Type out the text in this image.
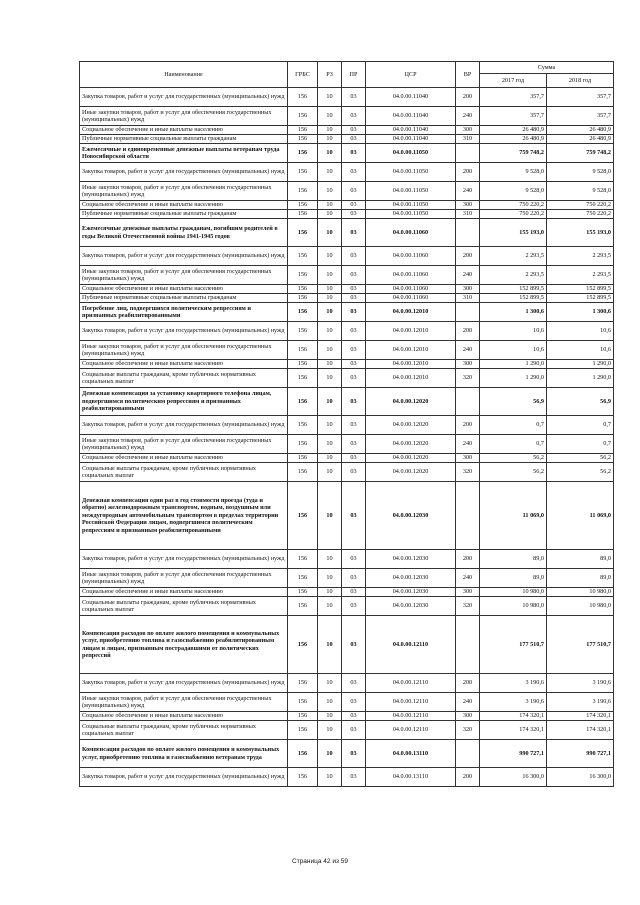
Наименование	ГРБС	РЗ	ПР	ЦСР	ВР	Сумма	
						2017 год	2018 год
Закупка товаров, работ и услуг для государственных (муниципальных) нужд	156	10	03	04.0.00.11040	200	357,7	357,7
Иные закупки товаров, работ и услуг для обеспечения государственных (муниципальных) нужд	156	10	03	04.0.00.11040	240	357,7	357,7
Социальное обеспечение и иные выплаты населению	156	10	03	04.0.00.11040	300	26 480,9	26 480,9
Публичные нормативные социальные выплаты гражданам	156	10	03	04.0.00.11040	310	26 480,9	26 480,9
Ежемесячные и единовременные денежные выплаты ветеранам труда Новосибирской области	156	10	03	04.0.00.11050		759 748,2	759 748,2
Закупка товаров, работ и услуг для государственных (муниципальных) нужд	156	10	03	04.0.00.11050	200	9 528,0	9 528,0
Иные закупки товаров, работ и услуг для обеспечения государственных (муниципальных) нужд	156	10	03	04.0.00.11050	240	9 528,0	9 528,0
Социальное обеспечение и иные выплаты населению	156	10	03	04.0.00.11050	300	750 220,2	750 220,2
Публичные нормативные социальные выплаты гражданам	156	10	03	04.0.00.11050	310	750 220,2	750 220,2
Ежемесячные денежные выплаты гражданам, погибшим родителей в годы Великой Отечественной войны 1941-1945 годов	156	10	03	04.0.00.11060		155 193,0	155 193,0
Закупка товаров, работ и услуг для государственных (муниципальных) нужд	156	10	03	04.0.00.11060	200	2 293,5	2 293,5
Иные закупки товаров, работ и услуг для обеспечения государственных (муниципальных) нужд	156	10	03	04.0.00.11060	240	2 293,5	2 293,5
Социальное обеспечение и иные выплаты населению	156	10	03	04.0.00.11060	300	152 899,5	152 899,5
Публичные нормативные социальные выплаты гражданам	156	10	03	04.0.00.11060	310	152 899,5	152 899,5
Погребение лиц, подвергшихся политическим репрессиям и признанных реабилитированными	156	10	03	04.0.00.12010		1 300,6	1 300,6
Закупка товаров, работ и услуг для государственных (муниципальных) нужд	156	10	03	04.0.00.12010	200	10,6	10,6
Иные закупки товаров, работ и услуг для обеспечения государственных (муниципальных) нужд	156	10	03	04.0.00.12010	240	10,6	10,6
Социальное обеспечение и иные выплаты населению	156	10	03	04.0.00.12010	300	1 290,0	1 290,0
Социальные выплаты гражданам, кроме публичных нормативных социальных выплат	156	10	03	04.0.00.12010	320	1 290,0	1 290,0
Денежная компенсация за установку квартирного телефона лицам, подвергшимся политическим репрессиям и признанных реабилитированными	156	10	03	04.0.00.12020		56,9	56,9
Закупка товаров, работ и услуг для государственных (муниципальных) нужд	156	10	03	04.0.00.12020	200	0,7	0,7
Иные закупки товаров, работ и услуг для обеспечения государственных (муниципальных) нужд	156	10	03	04.0.00.12020	240	0,7	0,7
Социальное обеспечение и иные выплаты населению	156	10	03	04.0.00.12020	300	56,2	56,2
Социальные выплаты гражданам, кроме публичных нормативных социальных выплат	156	10	03	04.0.00.12020	320	56,2	56,2
Денежная компенсация один раз в год стоимости проезда (туда и обратно) железнодорожным транспортом, водным, воздушным или междугородным автомобильным транспортом в пределах территории Российской Федерации лицам, подвергшимся политическим репрессиям и признанным реабилитированными	156	10	03	04.0.00.12030		11 069,0	11 069,0
Закупка товаров, работ и услуг для государственных (муниципальных) нужд	156	10	03	04.0.00.12030	200	89,0	89,0
Иные закупки товаров, работ и услуг для обеспечения государственных (муниципальных) нужд	156	10	03	04.0.00.12030	240	89,0	89,0
Социальное обеспечение и иные выплаты населению	156	10	03	04.0.00.12030	300	10 980,0	10 980,0
Социальные выплаты гражданам, кроме публичных нормативных социальных выплат	156	10	03	04.0.00.12030	320	10 980,0	10 980,0
Компенсация расходов по оплате жилого помещения и коммунальных услуг, приобретению топлива и газоснабжению реабилитированным лицам и лицам, признанным пострадавшими от политических репрессий	156	10	03	04.0.00.12110		177 510,7	177 510,7
Закупка товаров, работ и услуг для государственных (муниципальных) нужд	156	10	03	04.0.00.12110	200	3 190,6	3 190,6
Иные закупки товаров, работ и услуг для обеспечения государственных (муниципальных) нужд	156	10	03	04.0.00.12110	240	3 190,6	3 190,6
Социальное обеспечение и иные выплаты населению	156	10	03	04.0.00.12110	300	174 320,1	174 320,1
Социальные выплаты гражданам, кроме публичных нормативных социальных выплат	156	10	03	04.0.00.12110	320	174 320,1	174 320,1
Компенсация расходов по оплате жилого помещения и коммунальных услуг, приобретению топлива и газоснабжению ветеранам труда	156	10	03	04.0.00.13110		990 727,1	990 727,1
Закупка товаров, работ и услуг для государственных (муниципальных) нужд	156	10	03	04.0.00.13110	200	16 300,0	16 300,0
Страница 42 из 59
